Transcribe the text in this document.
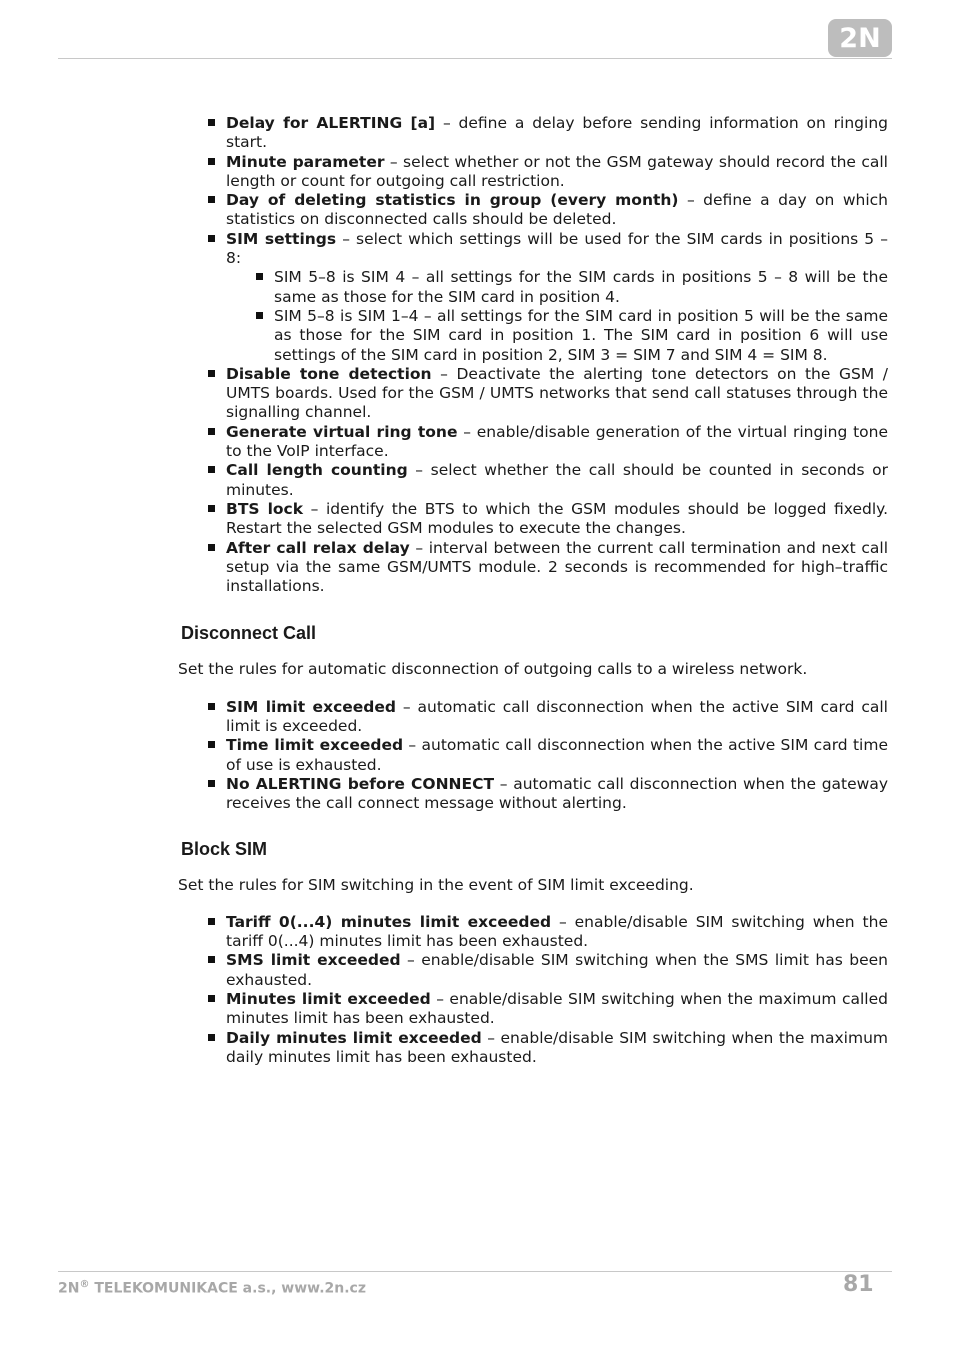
2N
Delay for ALERTING [a] – define a delay before sending information on ringing start.
Minute parameter – select whether or not the GSM gateway should record the call length or count for outgoing call restriction.
Day of deleting statistics in group (every month) – define a day on which statistics on disconnected calls should be deleted.
SIM settings – select which settings will be used for the SIM cards in positions 5 – 8:
SIM 5–8 is SIM 4 – all settings for the SIM cards in positions 5 – 8 will be the same as those for the SIM card in position 4.
SIM 5–8 is SIM 1–4 – all settings for the SIM card in position 5 will be the same as those for the SIM card in position 1. The SIM card in position 6 will use settings of the SIM card in position 2, SIM 3 = SIM 7 and SIM 4 = SIM 8.
Disable tone detection – Deactivate the alerting tone detectors on the GSM / UMTS boards. Used for the GSM / UMTS networks that send call statuses through the signalling channel.
Generate virtual ring tone – enable/disable generation of the virtual ringing tone to the VoIP interface.
Call length counting – select whether the call should be counted in seconds or minutes.
BTS lock – identify the BTS to which the GSM modules should be logged fixedly. Restart the selected GSM modules to execute the changes.
After call relax delay – interval between the current call termination and next call setup via the same GSM/UMTS module. 2 seconds is recommended for high–traffic installations.
Disconnect Call

Set the rules for automatic disconnection of outgoing calls to a wireless network.

SIM limit exceeded – automatic call disconnection when the active SIM card call limit is exceeded.
Time limit exceeded – automatic call disconnection when the active SIM card time of use is exhausted.
No ALERTING before CONNECT – automatic call disconnection when the gateway receives the call connect message without alerting.
Block SIM

Set the rules for SIM switching in the event of SIM limit exceeding.

Tariff 0(...4) minutes limit exceeded – enable/disable SIM switching when the tariff 0(...4) minutes limit has been exhausted.
SMS limit exceeded – enable/disable SIM switching when the SMS limit has been exhausted.
Minutes limit exceeded – enable/disable SIM switching when the maximum called minutes limit has been exhausted.
Daily minutes limit exceeded – enable/disable SIM switching when the maximum daily minutes limit has been exhausted.
2N® TELEKOMUNIKACE a.s., www.2n.cz	81
